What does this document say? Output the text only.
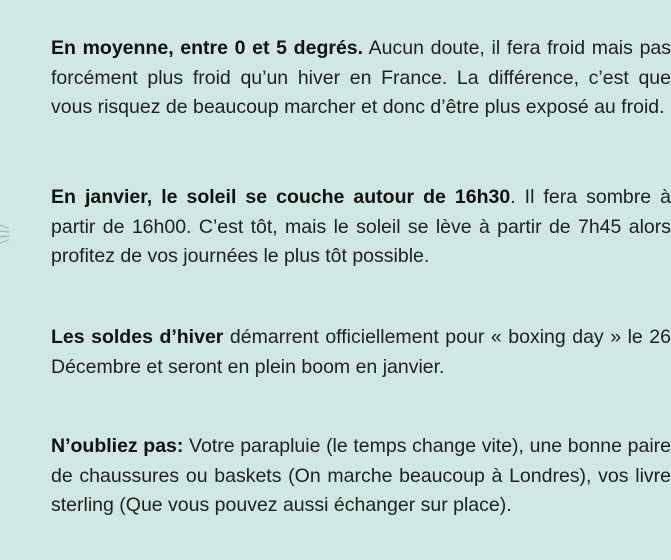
En moyenne, entre 0 et 5 degrés. Aucun doute, il fera froid mais pas forcément plus froid qu’un hiver en France. La différence, c’est que vous risquez de beaucoup marcher et donc d’être plus exposé au froid.

En janvier, le soleil se couche autour de 16h30. Il fera sombre à partir de 16h00. C’est tôt, mais le soleil se lève à partir de 7h45 alors profitez de vos journées le plus tôt possible.

Les soldes d’hiver démarrent officiellement pour « boxing day » le 26 Décembre et seront en plein boom en janvier.

N’oubliez pas: Votre parapluie (le temps change vite), une bonne paire de chaussures ou baskets (On marche beaucoup à Londres), vos livre sterling (Que vous pouvez aussi échanger sur place).
